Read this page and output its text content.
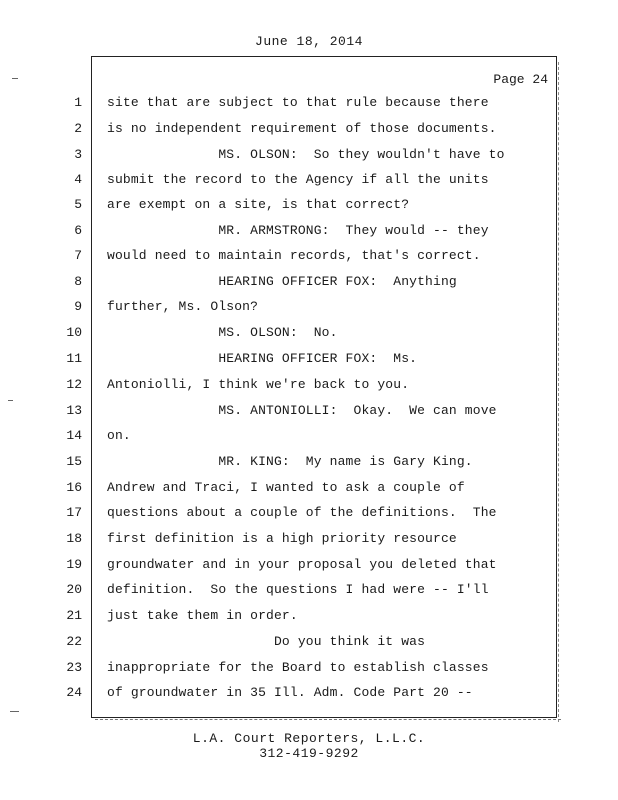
June 18, 2014
Page 24
1 site that are subject to that rule because there
2 is no independent requirement of those documents.
3 MS. OLSON:  So they wouldn't have to
4 submit the record to the Agency if all the units
5 are exempt on a site, is that correct?
6 MR. ARMSTRONG:  They would -- they
7 would need to maintain records, that's correct.
8 HEARING OFFICER FOX:  Anything
9 further, Ms. Olson?
10 MS. OLSON:  No.
11 HEARING OFFICER FOX:  Ms.
12 Antoniolli, I think we're back to you.
13 MS. ANTONIOLLI:  Okay.  We can move
14 on.
15 MR. KING:  My name is Gary King.
16 Andrew and Traci, I wanted to ask a couple of
17 questions about a couple of the definitions.  The
18 first definition is a high priority resource
19 groundwater and in your proposal you deleted that
20 definition.  So the questions I had were -- I'll
21 just take them in order.
22 Do you think it was
23 inappropriate for the Board to establish classes
24 of groundwater in 35 Ill. Adm. Code Part 20 --
L.A. Court Reporters, L.L.C.
312-419-9292
